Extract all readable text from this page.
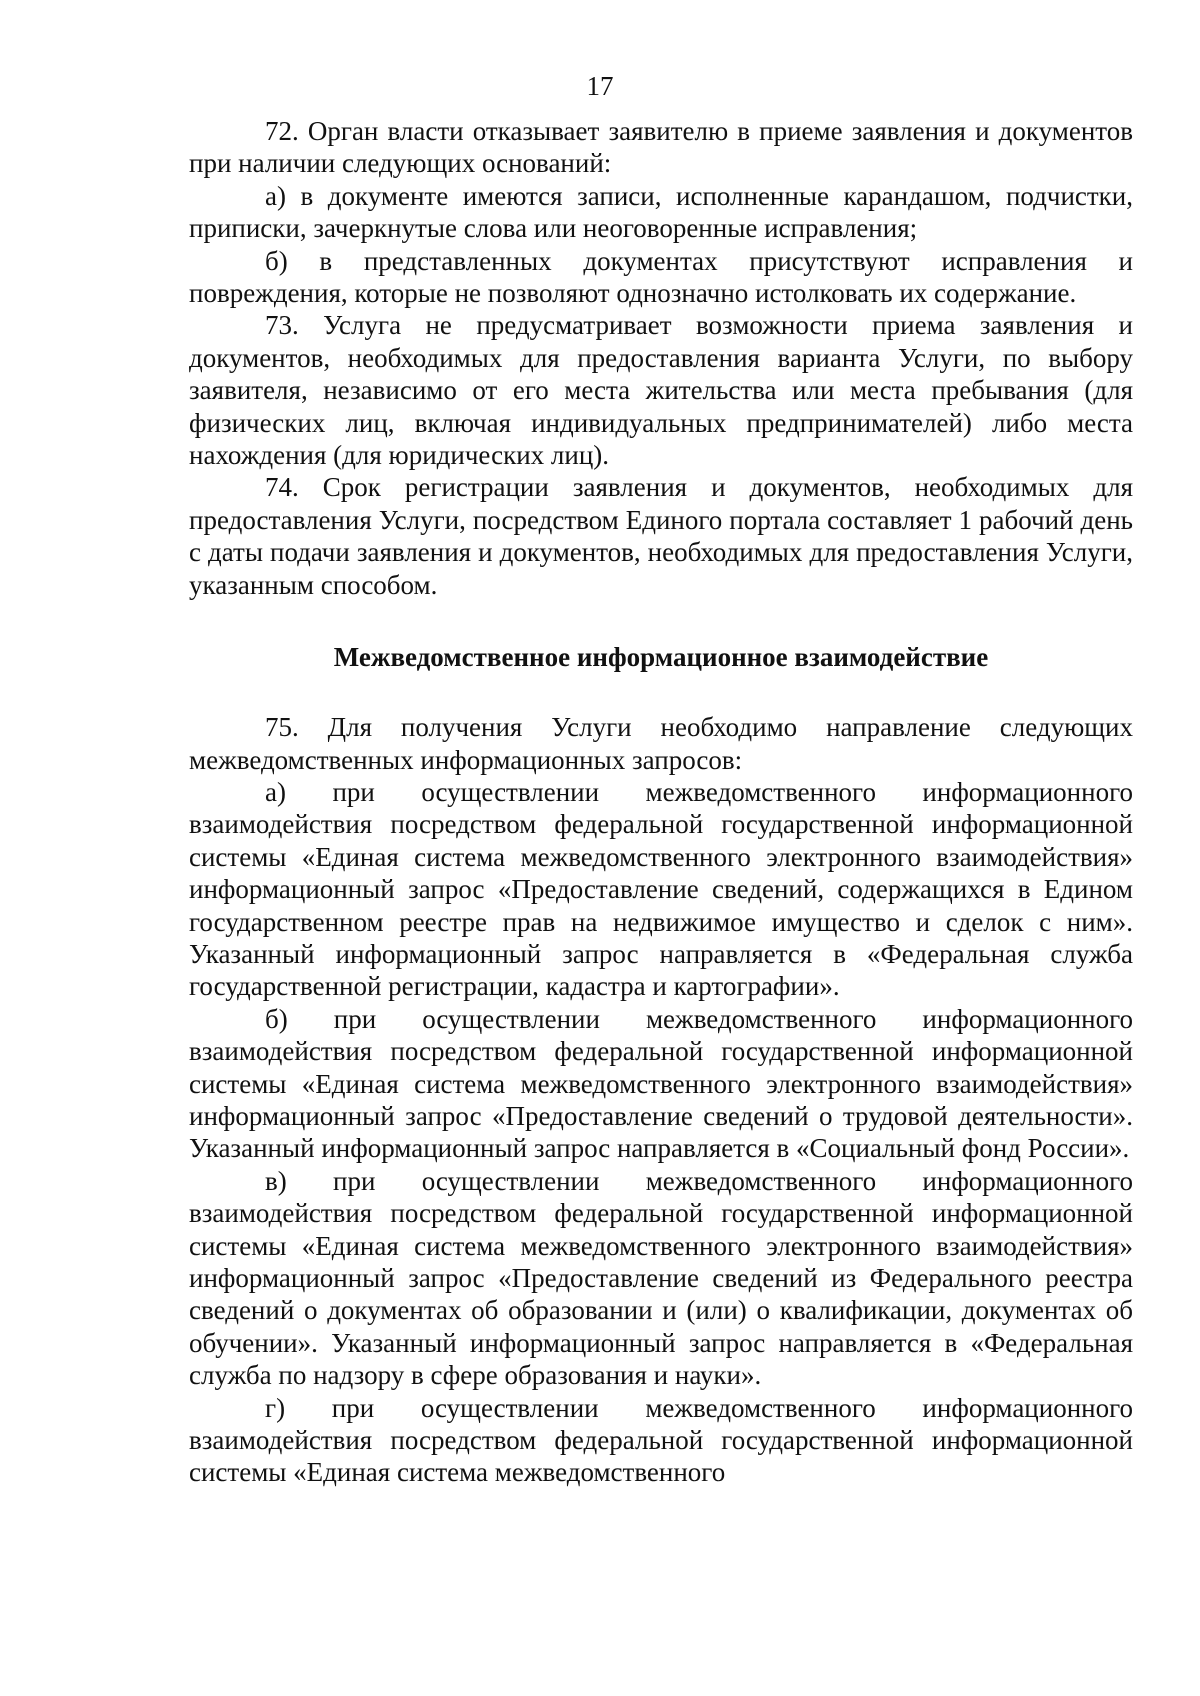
17

72. Орган власти отказывает заявителю в приеме заявления и документов при наличии следующих оснований:

а) в документе имеются записи, исполненные карандашом, подчистки, приписки, зачеркнутые слова или неоговоренные исправления;

б) в представленных документах присутствуют исправления и повреждения, которые не позволяют однозначно истолковать их содержание.

73. Услуга не предусматривает возможности приема заявления и документов, необходимых для предоставления варианта Услуги, по выбору заявителя, независимо от его места жительства или места пребывания (для физических лиц, включая индивидуальных предпринимателей) либо места нахождения (для юридических лиц).

74. Срок регистрации заявления и документов, необходимых для предоставления Услуги, посредством Единого портала составляет 1 рабочий день с даты подачи заявления и документов, необходимых для предоставления Услуги, указанным способом.

Межведомственное информационное взаимодействие

75. Для получения Услуги необходимо направление следующих межведомственных информационных запросов:

а) при осуществлении межведомственного информационного взаимодействия посредством федеральной государственной информационной системы «Единая система межведомственного электронного взаимодействия» информационный запрос «Предоставление сведений, содержащихся в Едином государственном реестре прав на недвижимое имущество и сделок с ним». Указанный информационный запрос направляется в «Федеральная служба государственной регистрации, кадастра и картографии».

б) при осуществлении межведомственного информационного взаимодействия посредством федеральной государственной информационной системы «Единая система межведомственного электронного взаимодействия» информационный запрос «Предоставление сведений о трудовой деятельности». Указанный информационный запрос направляется в «Социальный фонд России».

в) при осуществлении межведомственного информационного взаимодействия посредством федеральной государственной информационной системы «Единая система межведомственного электронного взаимодействия» информационный запрос «Предоставление сведений из Федерального реестра сведений о документах об образовании и (или) о квалификации, документах об обучении». Указанный информационный запрос направляется в «Федеральная служба по надзору в сфере образования и науки».

г) при осуществлении межведомственного информационного взаимодействия посредством федеральной государственной информационной системы «Единая система межведомственного
